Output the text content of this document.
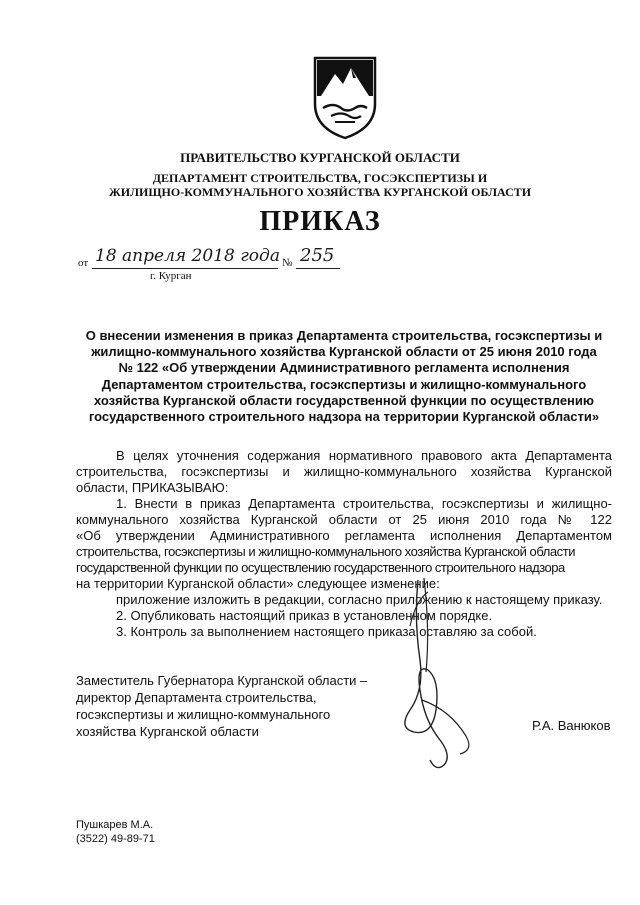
ПРАВИТЕЛЬСТВО КУРГАНСКОЙ ОБЛАСТИ
ДЕПАРТАМЕНТ СТРОИТЕЛЬСТВА, ГОСЭКСПЕРТИЗЫ И
ЖИЛИЩНО-КОММУНАЛЬНОГО ХОЗЯЙСТВА КУРГАНСКОЙ ОБЛАСТИ
ПРИКАЗ
от 18 апреля 2018 года № 255
г. Курган
О внесении изменения в приказ Департамента строительства, госэкспертизы и
жилищно-коммунального хозяйства Курганской области от 25 июня 2010 года
№ 122 «Об утверждении Административного регламента исполнения
Департаментом строительства, госэкспертизы и жилищно-коммунального
хозяйства Курганской области государственной функции по осуществлению
государственного строительного надзора на территории Курганской области»
В целях уточнения содержания нормативного правового акта Департамента
строительства, госэкспертизы и жилищно-коммунального хозяйства Курганской
области, ПРИКАЗЫВАЮ:
1. Внести в приказ Департамента строительства, госэкспертизы и жилищно-
коммунального хозяйства Курганской области от 25 июня 2010 года № 122
«Об утверждении Административного регламента исполнения Департаментом
строительства, госэкспертизы и жилищно-коммунального хозяйства Курганской области
государственной функции по осуществлению государственного строительного надзора
на территории Курганской области» следующее изменение:
приложение изложить в редакции, согласно приложению к настоящему приказу.
2. Опубликовать настоящий приказ в установленном порядке.
3. Контроль за выполнением настоящего приказа оставляю за собой.
Заместитель Губернатора Курганской области –
директор Департамента строительства,
госэкспертизы и жилищно-коммунального
хозяйства Курганской области	Р.А. Ванюков
Пушкарев М.А.
(3522) 49-89-71
